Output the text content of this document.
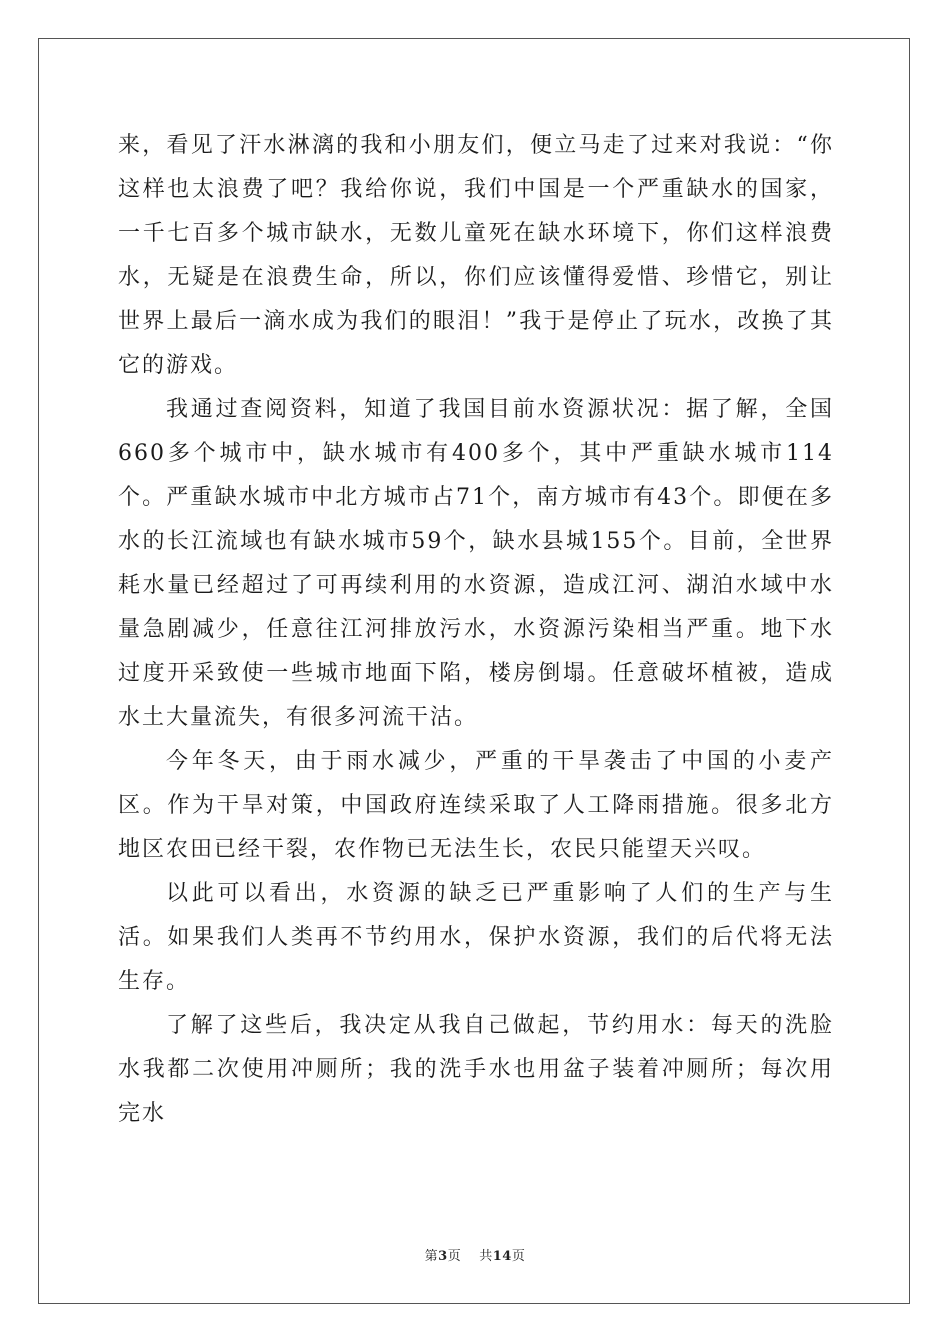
来，看见了汗水淋漓的我和小朋友们，便立马走了过来对我说：“你这样也太浪费了吧？我给你说，我们中国是一个严重缺水的国家，一千七百多个城市缺水，无数儿童死在缺水环境下，你们这样浪费水，无疑是在浪费生命，所以，你们应该懂得爱惜、珍惜它，别让世界上最后一滴水成为我们的眼泪！”我于是停止了玩水，改换了其它的游戏。

我通过查阅资料，知道了我国目前水资源状况：据了解，全国660多个城市中，缺水城市有400多个，其中严重缺水城市114个。严重缺水城市中北方城市占71个，南方城市有43个。即便在多水的长江流域也有缺水城市59个，缺水县城155个。目前，全世界耗水量已经超过了可再续利用的水资源，造成江河、湖泊水域中水量急剧减少，任意往江河排放污水，水资源污染相当严重。地下水过度开采致使一些城市地面下陷，楼房倒塌。任意破坏植被，造成水土大量流失，有很多河流干沽。

今年冬天，由于雨水减少，严重的干旱袭击了中国的小麦产区。作为干旱对策，中国政府连续采取了人工降雨措施。很多北方地区农田已经干裂，农作物已无法生长，农民只能望天兴叹。

以此可以看出，水资源的缺乏已严重影响了人们的生产与生活。如果我们人类再不节约用水，保护水资源，我们的后代将无法生存。

了解了这些后，我决定从我自己做起，节约用水：每天的洗脸水我都二次使用冲厕所；我的洗手水也用盆子装着冲厕所；每次用完水

第3页 共14页
